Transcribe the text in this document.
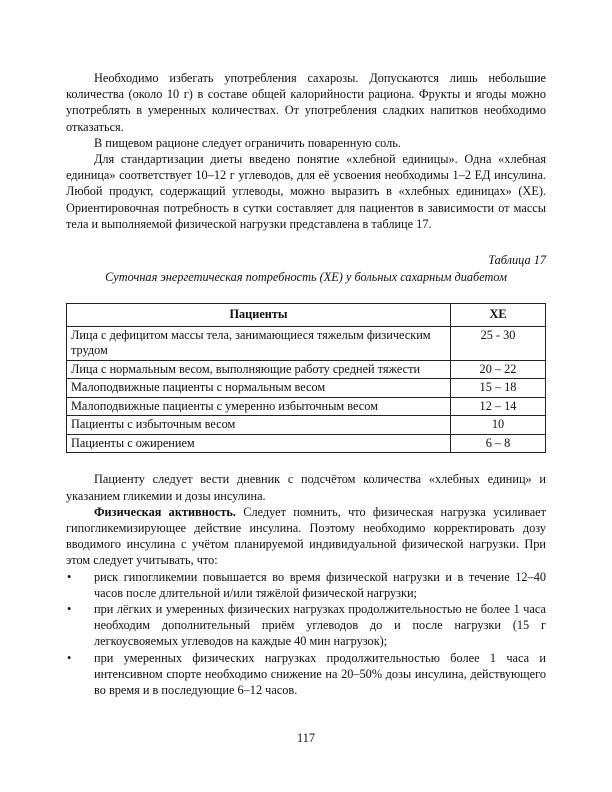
Необходимо избегать употребления сахарозы. Допускаются лишь небольшие количества (около 10 г) в составе общей калорийности рациона. Фрукты и ягоды можно употреблять в умеренных количествах. От употребления сладких напитков необходимо отказаться.

В пищевом рационе следует ограничить поваренную соль.

Для стандартизации диеты введено понятие «хлебной единицы». Одна «хлебная единица» соответствует 10–12 г углеводов, для её усвоения необходимы 1–2 ЕД инсулина. Любой продукт, содержащий углеводы, можно выразить в «хлебных единицах» (ХЕ). Ориентировочная потребность в сутки составляет для пациентов в зависимости от массы тела и выполняемой физической нагрузки представлена в таблице 17.

Таблица 17
Суточная энергетическая потребность (ХЕ) у больных сахарным диабетом
Пациенты	ХЕ
Лица с дефицитом массы тела, занимающиеся тяжелым физическим трудом	25 - 30
Лица с нормальным весом, выполняющие работу средней тяжести	20 – 22
Малоподвижные пациенты с нормальным весом	15 – 18
Малоподвижные пациенты с умеренно избыточным весом	12 – 14
Пациенты с избыточным весом	10
Пациенты с ожирением	6 – 8

Пациенту следует вести дневник с подсчётом количества «хлебных единиц» и указанием гликемии и дозы инсулина.

Физическая активность. Следует помнить, что физическая нагрузка усиливает гипогликемизирующее действие инсулина. Поэтому необходимо корректировать дозу вводимого инсулина с учётом планируемой индивидуальной физической нагрузки. При этом следует учитывать, что:

• риск гипогликемии повышается во время физической нагрузки и в течение 12–40 часов после длительной и/или тяжёлой физической нагрузки;
• при лёгких и умеренных физических нагрузках продолжительностью не более 1 часа необходим дополнительный приём углеводов до и после нагрузки (15 г легкоусвояемых углеводов на каждые 40 мин нагрузок);
• при умеренных физических нагрузках продолжительностью более 1 часа и интенсивном спорте необходимо снижение на 20–50% дозы инсулина, действующего во время и в последующие 6–12 часов.
117
